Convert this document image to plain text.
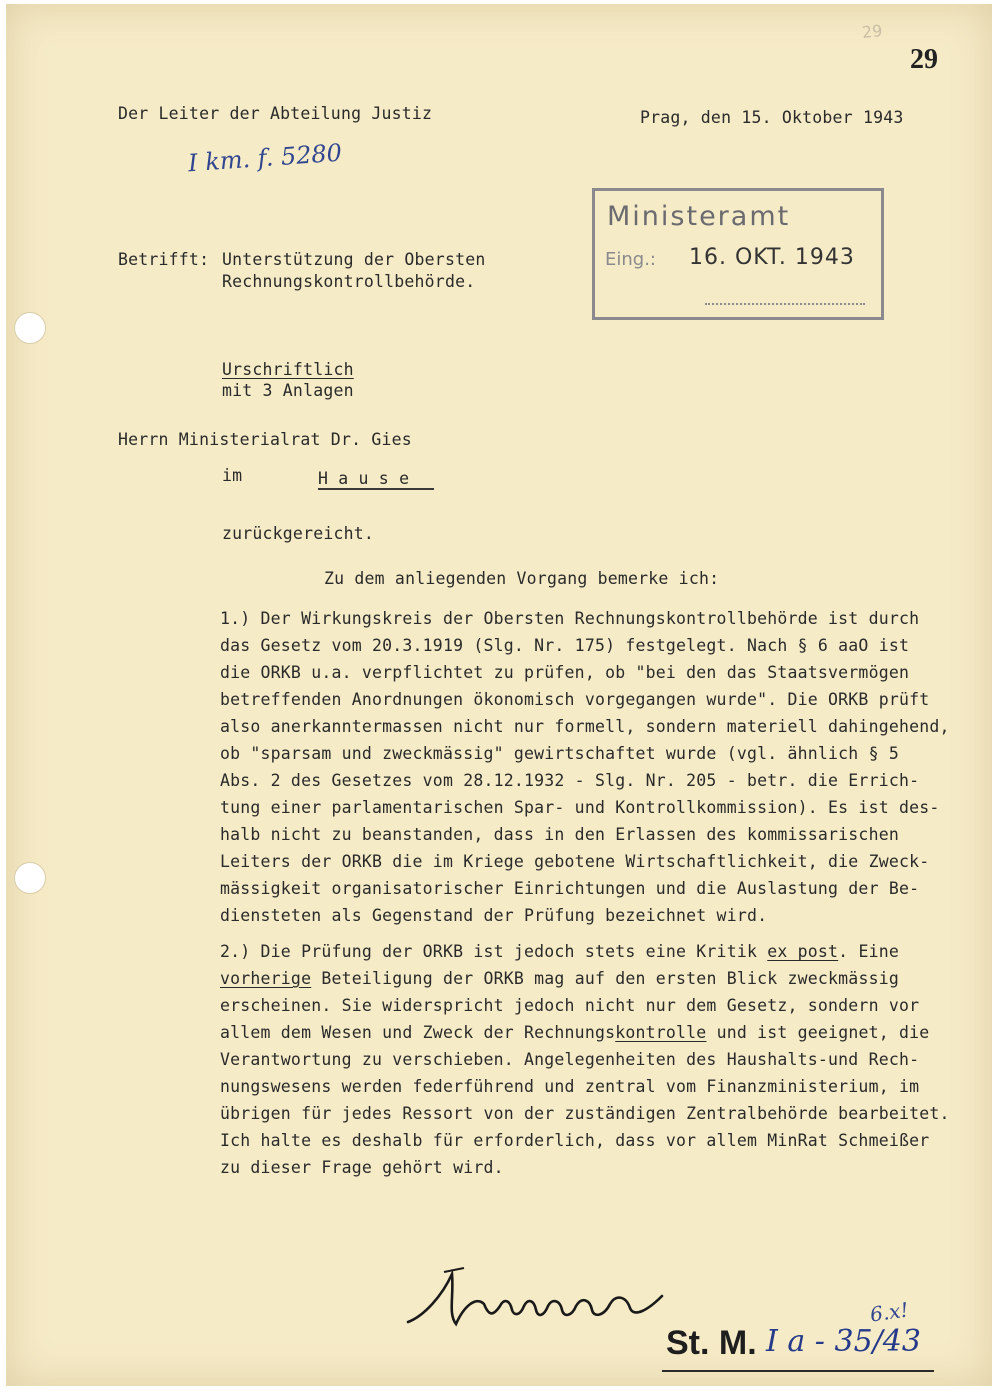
29
29
Der Leiter der Abteilung Justiz	Prag, den 15. Oktober 1943
I km. f. 5280
Ministeramt
Eing.: 16. OKT. 1943
Betrifft: Unterstützung der Obersten
Rechnungskontrollbehörde.
Urschriftlich
mit 3 Anlagen
Herrn Ministerialrat Dr. Gies
im	H a u s e
zurückgereicht.
Zu dem anliegenden Vorgang bemerke ich:
1.) Der Wirkungskreis der Obersten Rechnungskontrollbehörde ist durch
das Gesetz vom 20.3.1919 (Slg. Nr. 175) festgelegt. Nach § 6 aaO ist
die ORKB u.a. verpflichtet zu prüfen, ob "bei den das Staatsvermögen
betreffenden Anordnungen ökonomisch vorgegangen wurde". Die ORKB prüft
also anerkanntermassen nicht nur formell, sondern materiell dahingehend,
ob "sparsam und zweckmässig" gewirtschaftet wurde (vgl. ähnlich § 5
Abs. 2 des Gesetzes vom 28.12.1932 - Slg. Nr. 205 - betr. die Errich-
tung einer parlamentarischen Spar- und Kontrollkommission). Es ist des-
halb nicht zu beanstanden, dass in den Erlassen des kommissarischen
Leiters der ORKB die im Kriege gebotene Wirtschaftlichkeit, die Zweck-
mässigkeit organisatorischer Einrichtungen und die Auslastung der Be-
diensteten als Gegenstand der Prüfung bezeichnet wird.
2.) Die Prüfung der ORKB ist jedoch stets eine Kritik ex post. Eine
vorherige Beteiligung der ORKB mag auf den ersten Blick zweckmässig
erscheinen. Sie widerspricht jedoch nicht nur dem Gesetz, sondern vor
allem dem Wesen und Zweck der Rechnungskontrolle und ist geeignet, die
Verantwortung zu verschieben. Angelegenheiten des Haushalts-und Rech-
nungswesens werden federführend und zentral vom Finanzministerium, im
übrigen für jedes Ressort von der zuständigen Zentralbehörde bearbeitet.
Ich halte es deshalb für erforderlich, dass vor allem MinRat Schmeißer
zu dieser Frage gehört wird.
6.x!
St. M. I a - 35/43
